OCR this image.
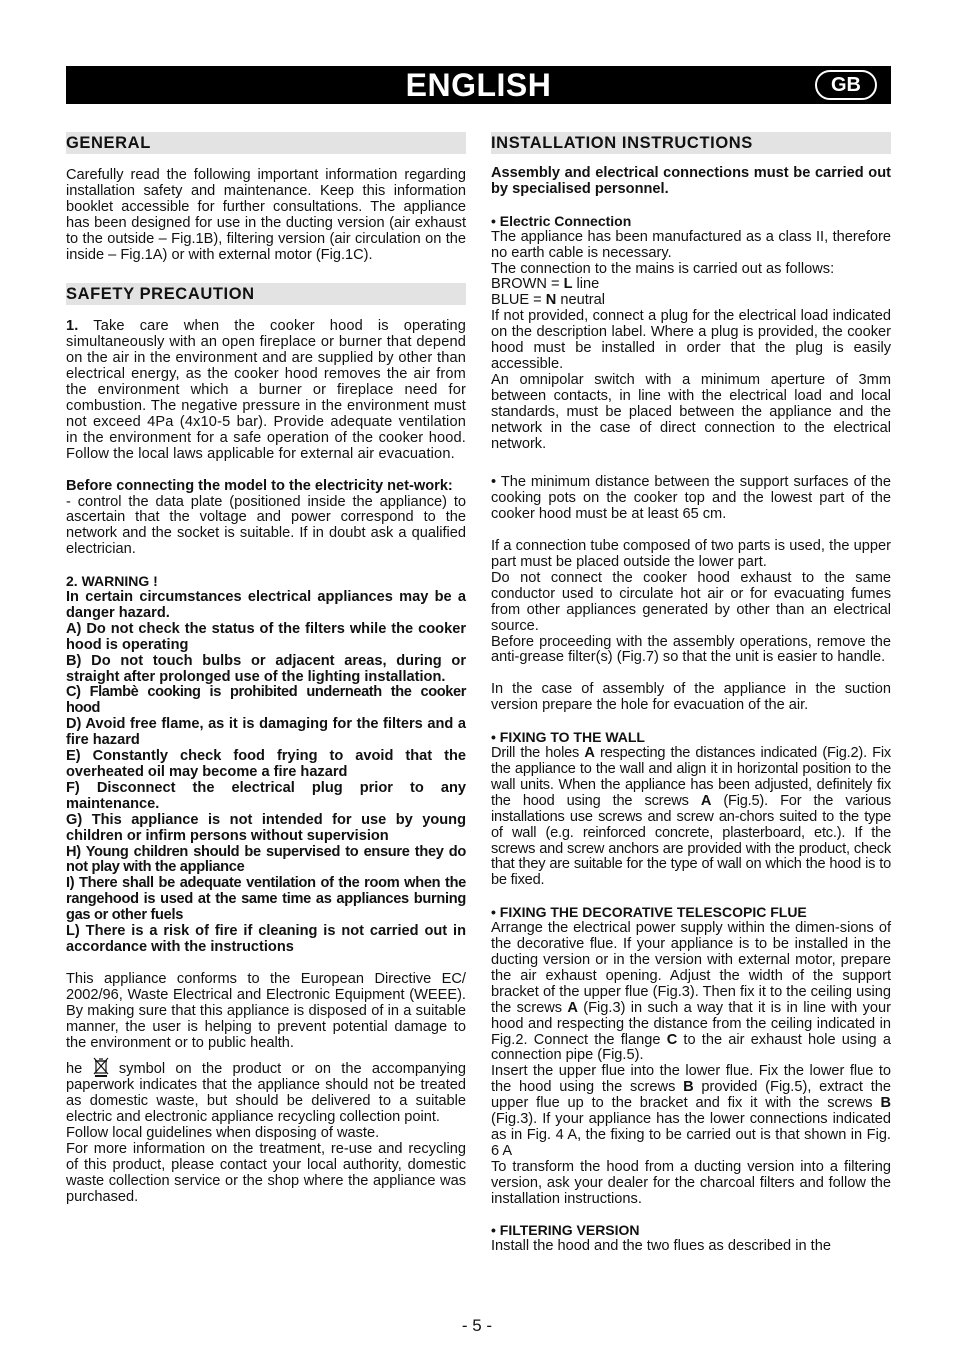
ENGLISH	GB
GENERAL

Carefully read the following important information regarding installation safety and maintenance. Keep this information booklet accessible for further consultations. The appliance has been designed for use in the ducting version (air exhaust to the outside – Fig.1B), filtering version (air circulation on the inside – Fig.1A) or with external motor (Fig.1C).

SAFETY PRECAUTION

1. Take care when the cooker hood is operating simultaneously with an open fireplace or burner that depend on the air in the environment and are supplied by other than electrical energy, as the cooker hood removes the air from the environment which a burner or fireplace need for combustion. The negative pressure in the environment must not exceed 4Pa (4x10-5 bar). Provide adequate ventilation in the environment for a safe operation of the cooker hood. Follow the local laws applicable for external air evacuation.

Before connecting the model to the electricity net-work:

- control the data plate (positioned inside the appliance) to ascertain that the voltage and power correspond to the network and the socket is suitable. If in doubt ask a qualified electrician.

2. WARNING !

In certain circumstances electrical appliances may be a danger hazard.

A) Do not check the status of the filters while the cooker hood is operating

B) Do not touch bulbs or adjacent areas, during or straight after prolonged use of the lighting installation.

C) Flambè cooking is prohibited underneath the cooker hood

D) Avoid free flame, as it is damaging for the filters and a fire hazard

E) Constantly check food frying to avoid that the overheated oil may become a fire hazard

F) Disconnect the electrical plug prior to any maintenance.

G) This appliance is not intended for use by young children or infirm persons without supervision

H) Young children should be supervised to ensure they do not play with the appliance

I) There shall be adequate ventilation of the room when the rangehood is used at the same time as appliances burning gas or other fuels

L) There is a risk of fire if cleaning is not carried out in accordance with the instructions

This appliance conforms to the European Directive EC/ 2002/96, Waste Electrical and Electronic Equipment (WEEE). By making sure that this appliance is disposed of in a suitable manner, the user is helping to prevent potential damage to the environment or to public health.

he	symbol on the product or on the accompanying paperwork indicates that the appliance should not be treated as domestic waste, but should be delivered to a suitable electric and electronic appliance recycling collection point.

Follow local guidelines when disposing of waste.

For more information on the treatment, re-use and recycling of this product, please contact your local authority, domestic waste collection service or the shop where the appliance was purchased.

INSTALLATION INSTRUCTIONS

Assembly and electrical connections must be carried out by specialised personnel.

• Electric Connection

The appliance has been manufactured as a class II, therefore no earth cable is necessary.

The connection to the mains is carried out as follows:

BROWN = L line

BLUE = N neutral

If not provided, connect a plug for the electrical load indicated on the description label. Where a plug is provided, the cooker hood must be installed in order that the plug is easily accessible.

An omnipolar switch with a minimum aperture of 3mm between contacts, in line with the electrical load and local standards, must be placed between the appliance and the network in the case of direct connection to the electrical network.

• The minimum distance between the support surfaces of the cooking pots on the cooker top and the lowest part of the cooker hood must be at least 65 cm.

If a connection tube composed of two parts is used, the upper part must be placed outside the lower part.

Do not connect the cooker hood exhaust to the same conductor used to circulate hot air or for evacuating fumes from other appliances generated by other than an electrical source.

Before proceeding with the assembly operations, remove the anti-grease filter(s) (Fig.7) so that the unit is easier to handle.

In the case of assembly of the appliance in the suction version prepare the hole for evacuation of the air.

• FIXING TO THE WALL

Drill the holes A respecting the distances indicated (Fig.2). Fix the appliance to the wall and align it in horizontal position to the wall units. When the appliance has been adjusted, definitely fix the hood using the screws A (Fig.5). For the various installations use screws and screw an-chors suited to the type of wall (e.g. reinforced concrete, plasterboard, etc.). If the screws and screw anchors are provided with the product, check that they are suitable for the type of wall on which the hood is to be fixed.

• FIXING THE DECORATIVE TELESCOPIC FLUE

Arrange the electrical power supply within the dimen-sions of the decorative flue. If your appliance is to be installed in the ducting version or in the version with external motor, prepare the air exhaust opening. Adjust the width of the support bracket of the upper flue (Fig.3). Then fix it to the ceiling using the screws A (Fig.3) in such a way that it is in line with your hood and respecting the distance from the ceiling indicated in Fig.2. Connect the flange C to the air exhaust hole using a connection pipe (Fig.5).

Insert the upper flue into the lower flue. Fix the lower flue to the hood using the screws B provided (Fig.5), extract the upper flue up to the bracket and fix it with the screws B (Fig.3). If your appliance has the lower connections indicated as in Fig. 4 A, the fixing to be carried out is that shown in Fig. 6 A

To transform the hood from a ducting version into a filtering version, ask your dealer for the charcoal filters and follow the installation instructions.

• FILTERING VERSION

Install the hood and the two flues as described in the

- 5 -
